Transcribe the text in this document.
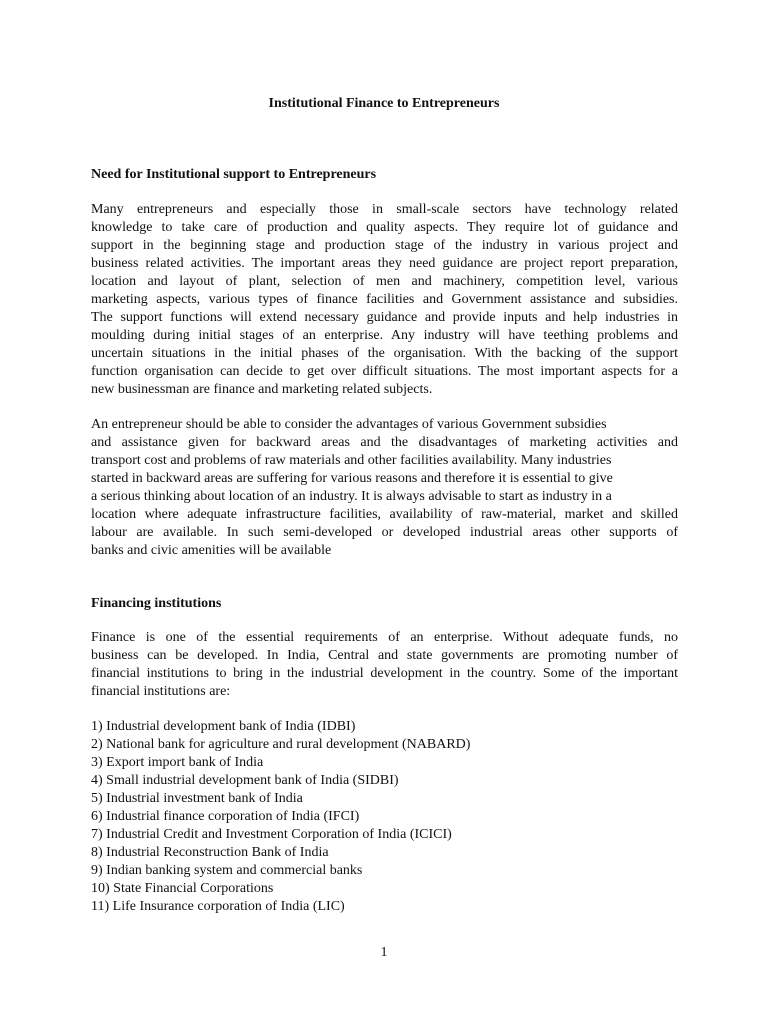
Institutional Finance to Entrepreneurs
Need for Institutional support to Entrepreneurs
Many entrepreneurs and especially those in small-scale sectors have technology related
knowledge to take care of production and quality aspects. They require lot of guidance and
support in the beginning stage and production stage of the industry in various project and
business related activities. The important areas they need guidance are project report preparation,
location and layout of plant, selection of men and machinery, competition level, various
marketing aspects, various types of finance facilities and Government assistance and subsidies.
The support functions will extend necessary guidance and provide inputs and help industries in
moulding during initial stages of an enterprise. Any industry will have teething problems and
uncertain situations in the initial phases of the organisation. With the backing of the support
function organisation can decide to get over difficult situations. The most important aspects for a
new businessman are finance and marketing related subjects.
An entrepreneur should be able to consider the advantages of various Government subsidies
and assistance given for backward areas and the disadvantages of marketing activities and
transport cost and problems of raw materials and other facilities availability. Many industries
started in backward areas are suffering for various reasons and therefore it is essential to give
a serious thinking about location of an industry. It is always advisable to start as industry in a
location where adequate infrastructure facilities, availability of raw-material, market and skilled
labour are available. In such semi-developed or developed industrial areas other supports of
banks and civic amenities will be available
Financing institutions
Finance is one of the essential requirements of an enterprise. Without adequate funds, no
business can be developed. In India, Central and state governments are promoting number of
financial institutions to bring in the industrial development in the country. Some of the important
financial institutions are:
1) Industrial development bank of India (IDBI)
2) National bank for agriculture and rural development (NABARD)
3) Export import bank of India
4) Small industrial development bank of India (SIDBI)
5) Industrial investment bank of India
6) Industrial finance corporation of India (IFCI)
7) Industrial Credit and Investment Corporation of India (ICICI)
8) Industrial Reconstruction Bank of India
9) Indian banking system and commercial banks
10) State Financial Corporations
11) Life Insurance corporation of India (LIC)
1
